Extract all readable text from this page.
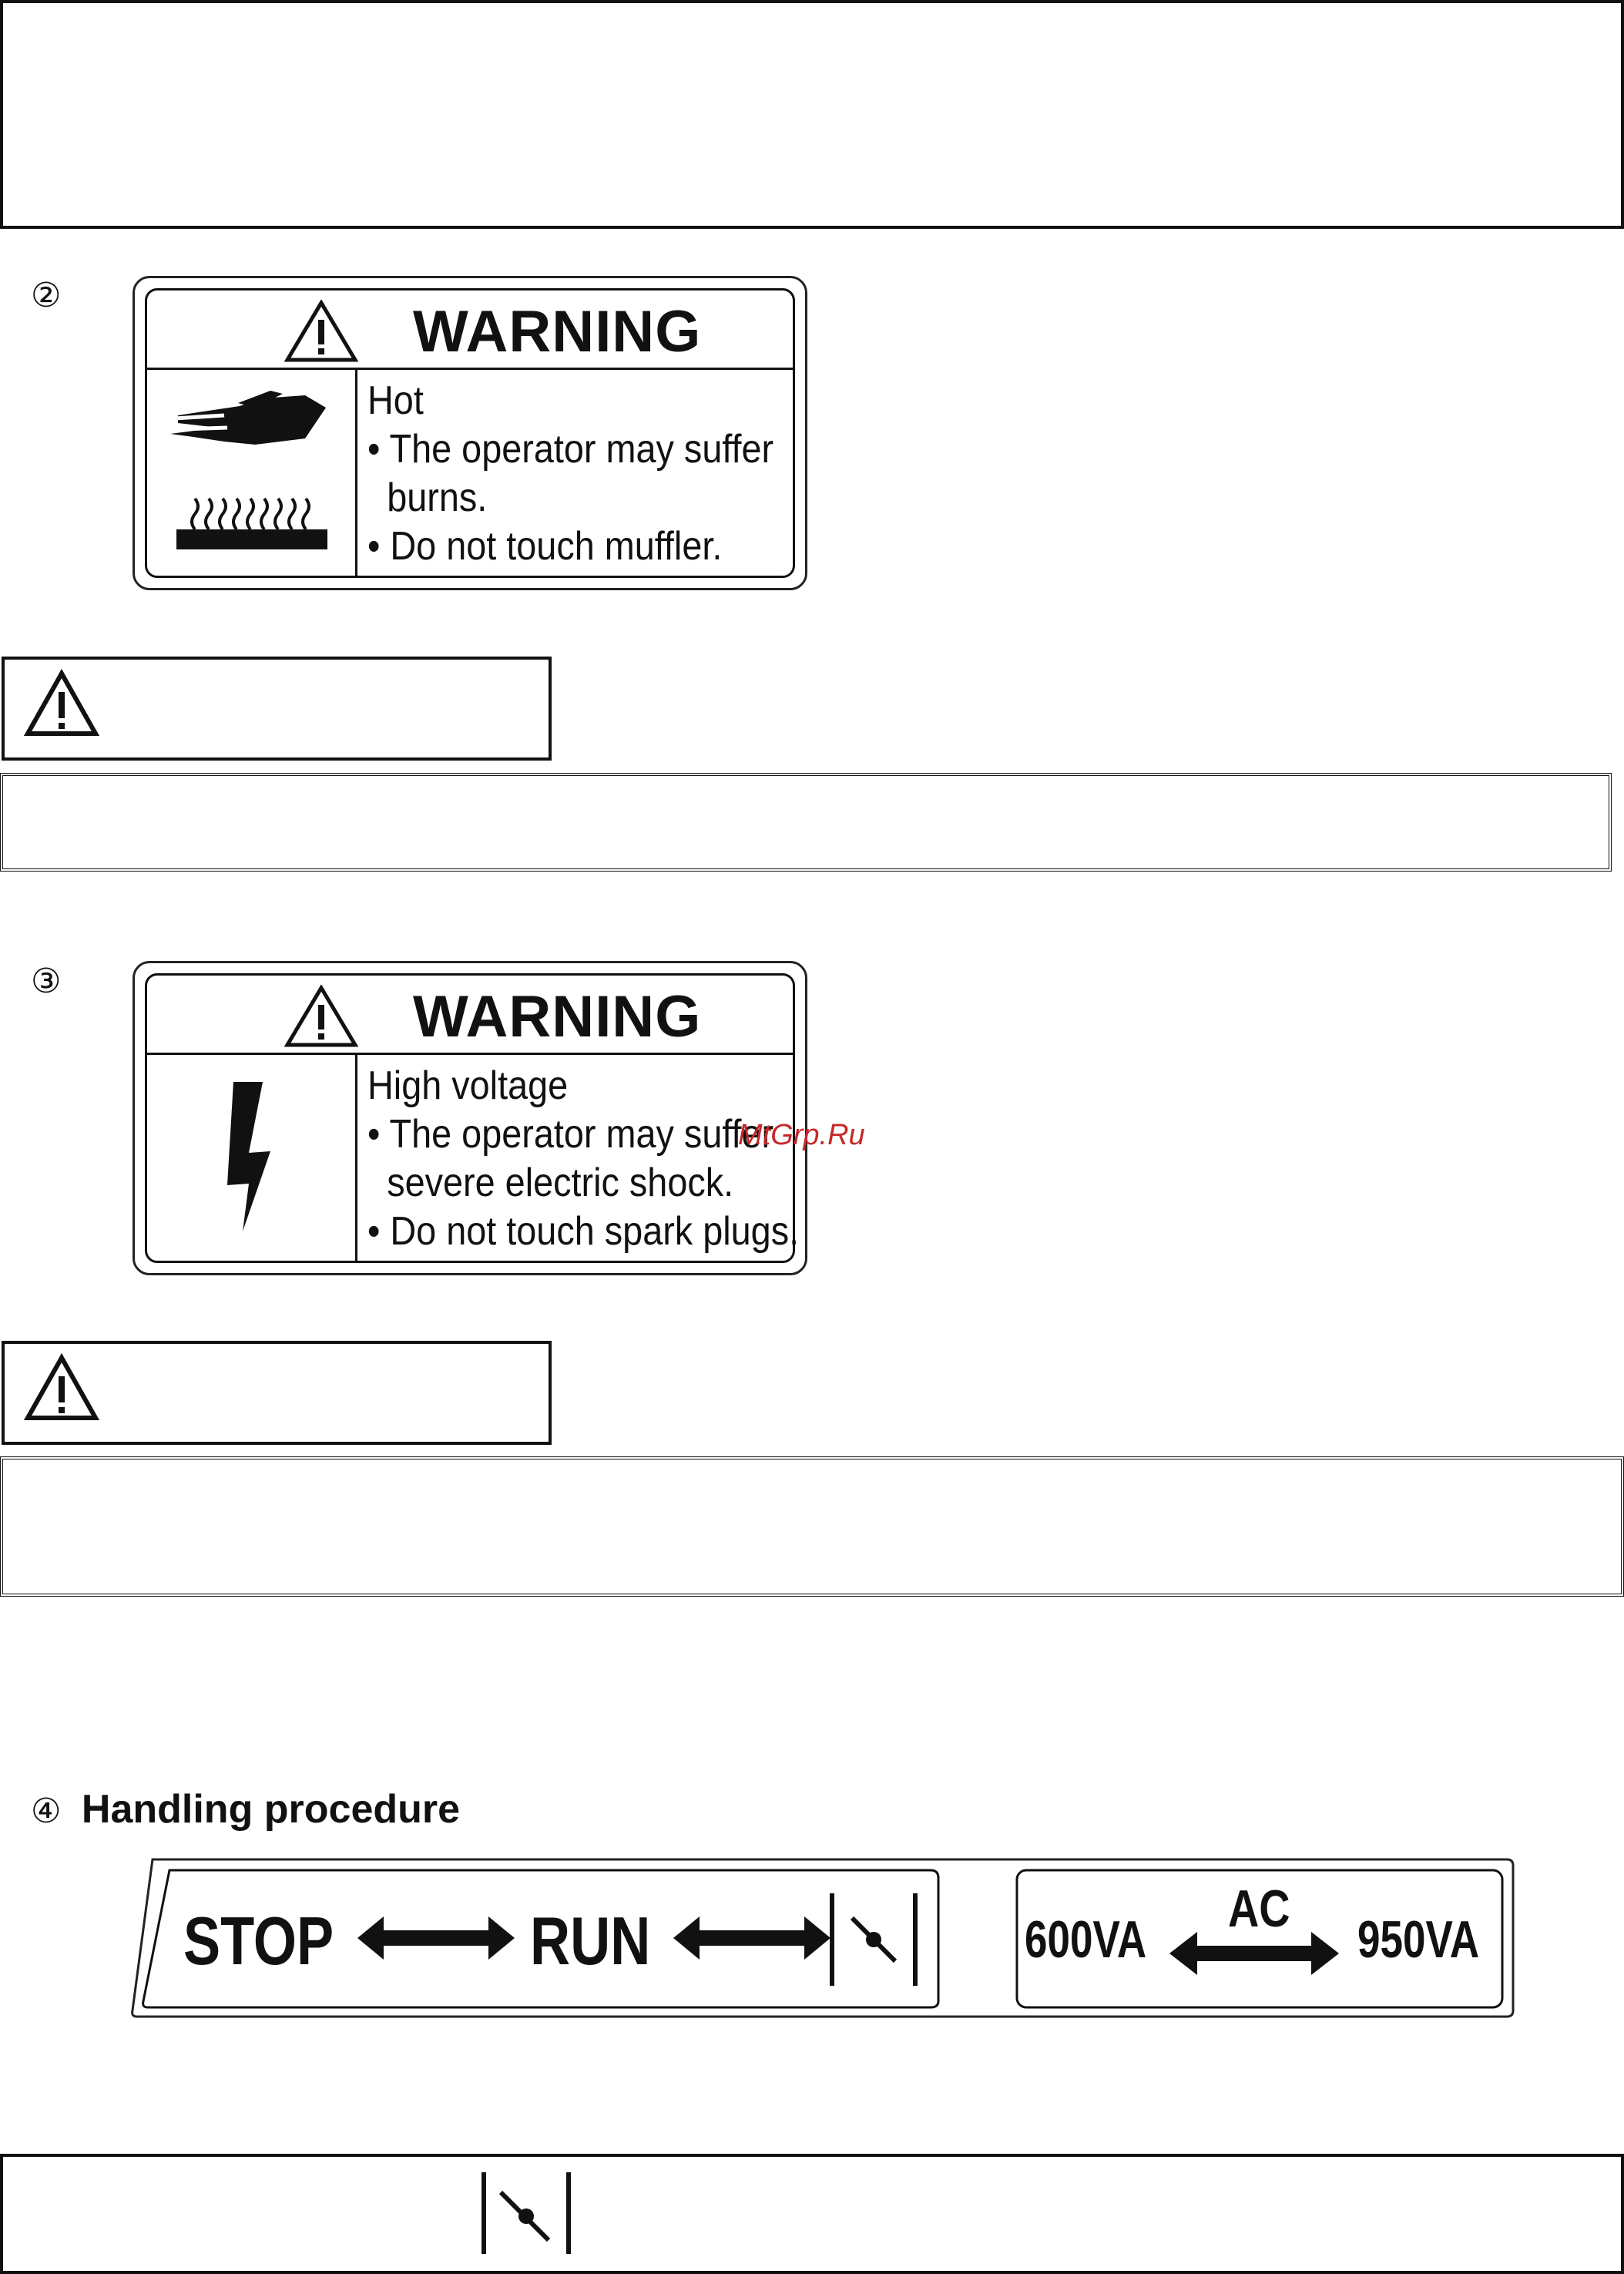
②
WARNING
Hot
• The operator may suffer
burns.
• Do not touch muffler.
③
WARNING
High voltage
• The operator may suffer
severe electric shock.
• Do not touch spark plugs.
MtGrp.Ru
④ Handling procedure
STOP	RUN	600VA
AC
950VA
